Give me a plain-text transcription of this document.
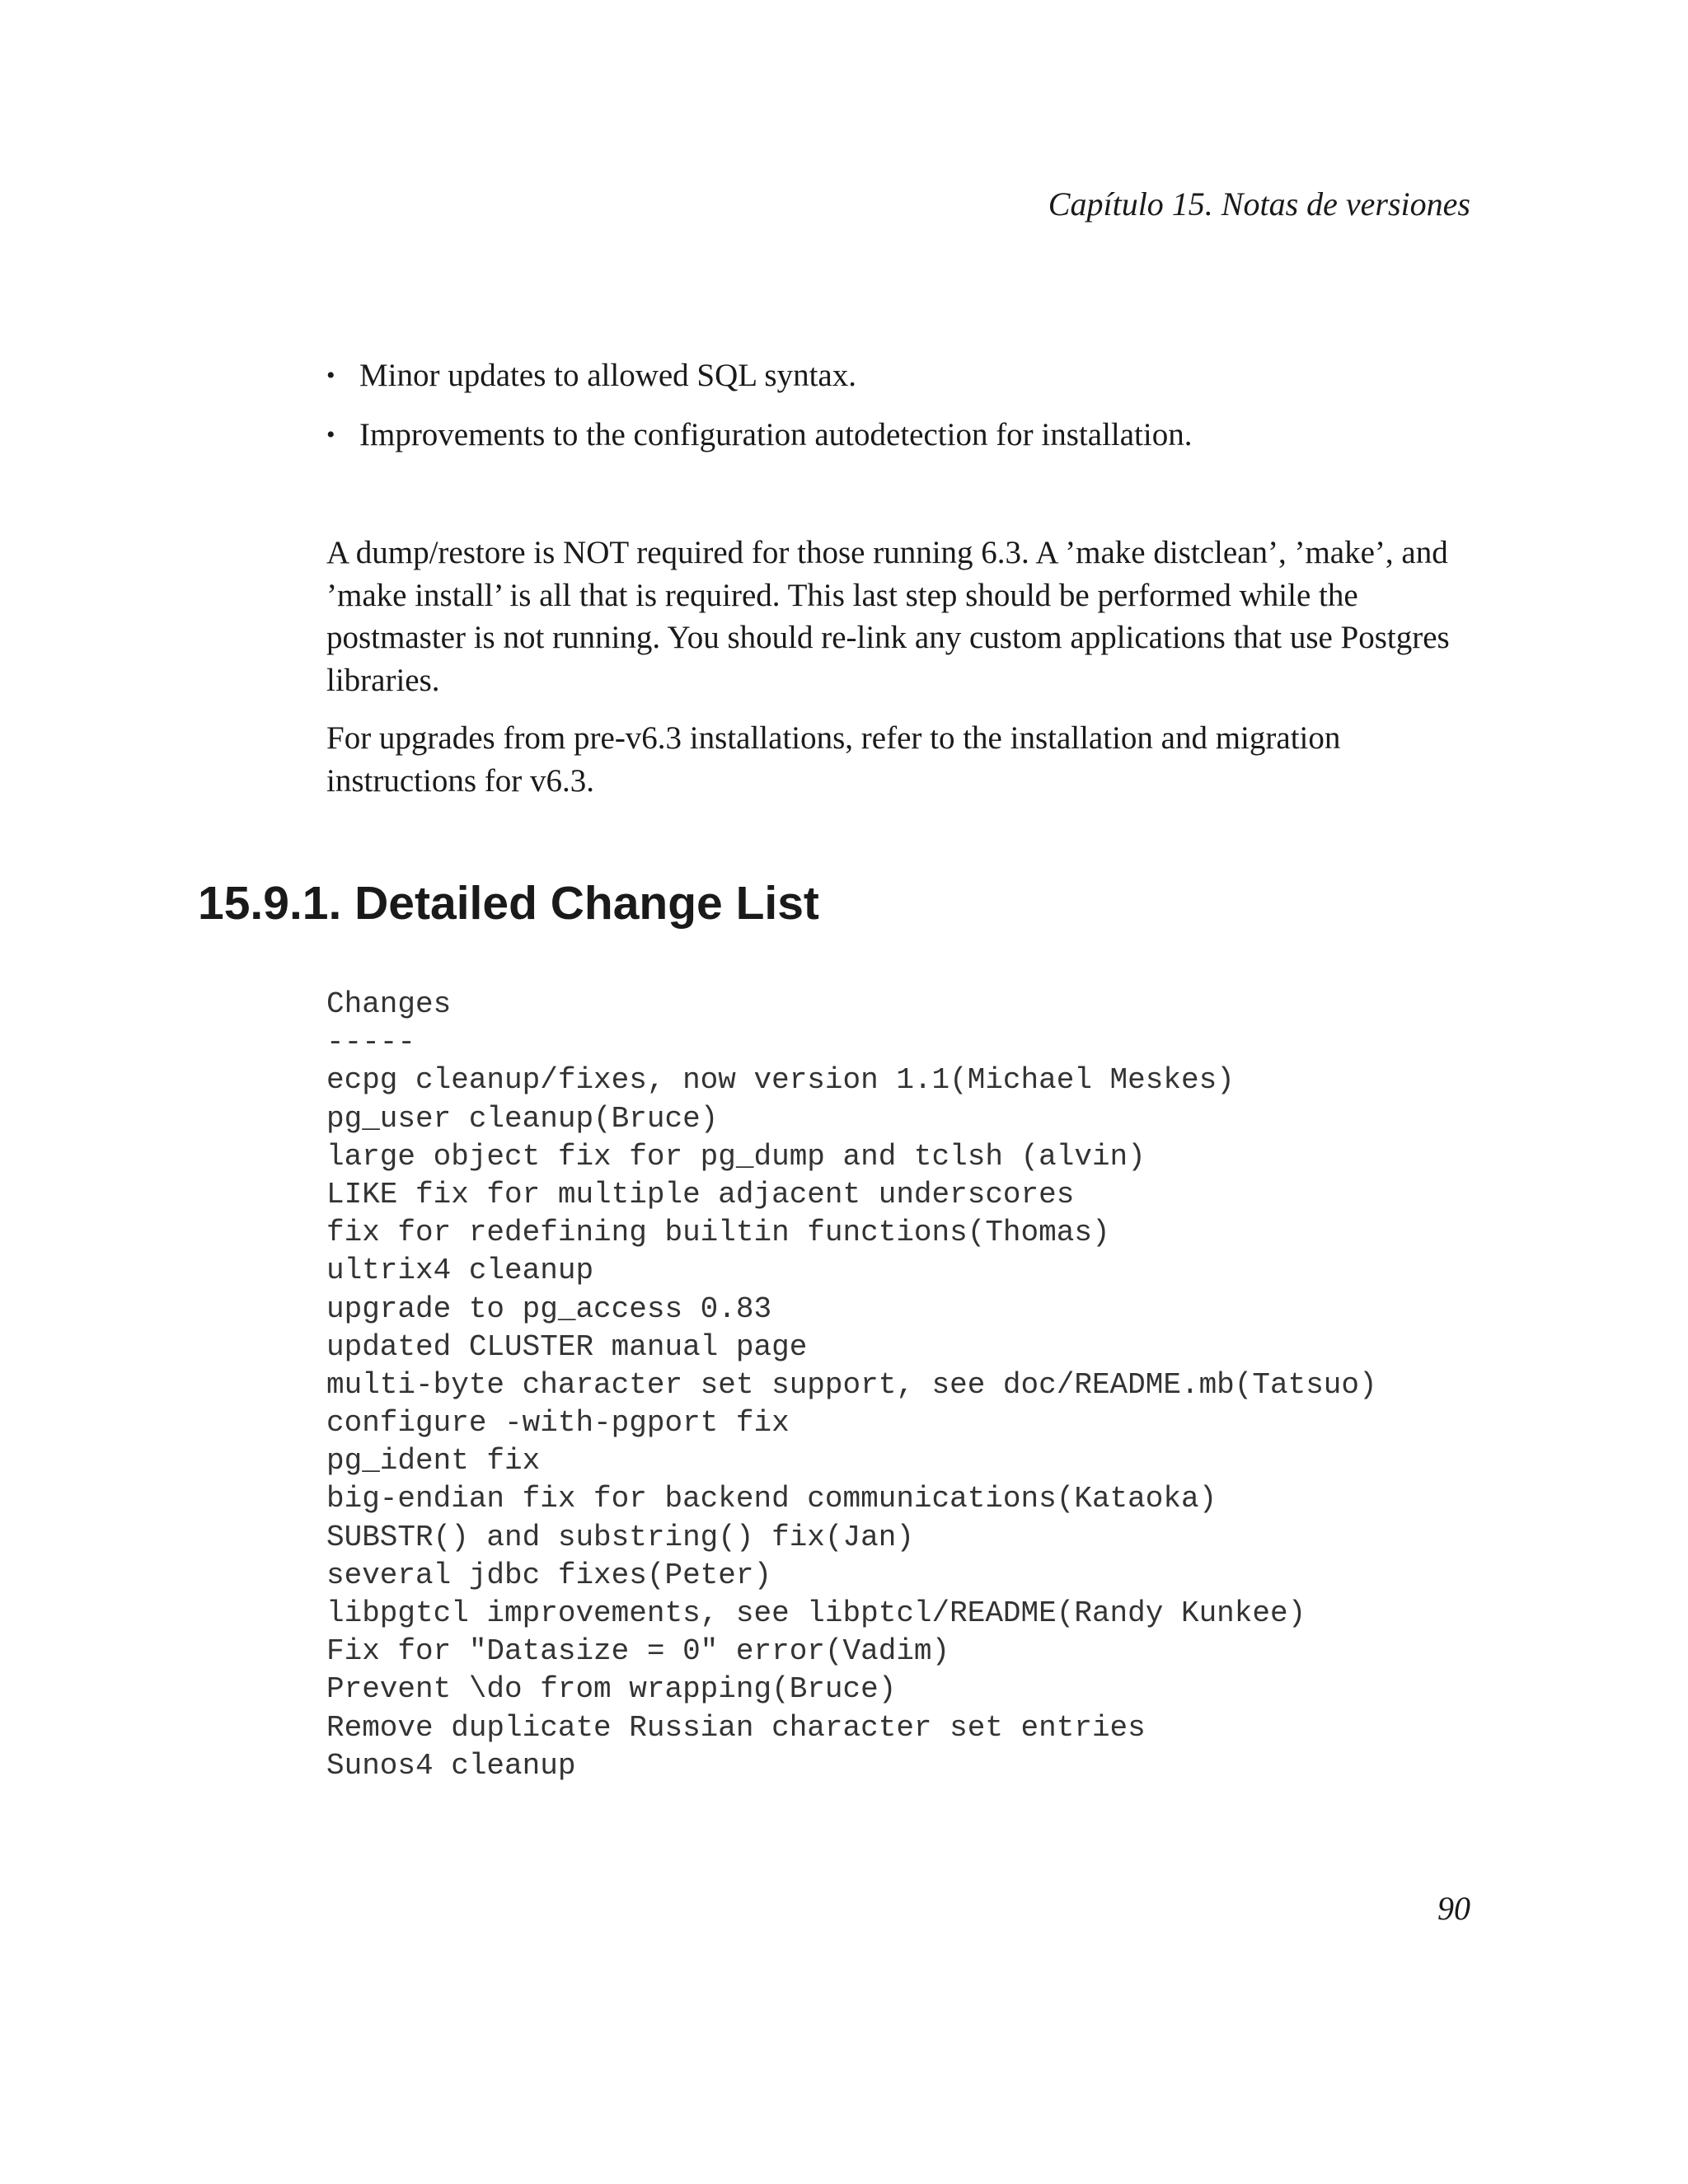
Capítulo 15. Notas de versiones

• Minor updates to allowed SQL syntax.
• Improvements to the configuration autodetection for installation.

A dump/restore is NOT required for those running 6.3. A ’make distclean’, ’make’, and ’make install’ is all that is required. This last step should be performed while the postmaster is not running. You should re-link any custom applications that use Postgres libraries.

For upgrades from pre-v6.3 installations, refer to the installation and migration instructions for v6.3.

15.9.1. Detailed Change List
Changes
-----
ecpg cleanup/fixes, now version 1.1(Michael Meskes)
pg_user cleanup(Bruce)
large object fix for pg_dump and tclsh (alvin)
LIKE fix for multiple adjacent underscores
fix for redefining builtin functions(Thomas)
ultrix4 cleanup
upgrade to pg_access 0.83
updated CLUSTER manual page
multi-byte character set support, see doc/README.mb(Tatsuo)
configure -with-pgport fix
pg_ident fix
big-endian fix for backend communications(Kataoka)
SUBSTR() and substring() fix(Jan)
several jdbc fixes(Peter)
libpgtcl improvements, see libptcl/README(Randy Kunkee)
Fix for "Datasize = 0" error(Vadim)
Prevent \do from wrapping(Bruce)
Remove duplicate Russian character set entries
Sunos4 cleanup

90
